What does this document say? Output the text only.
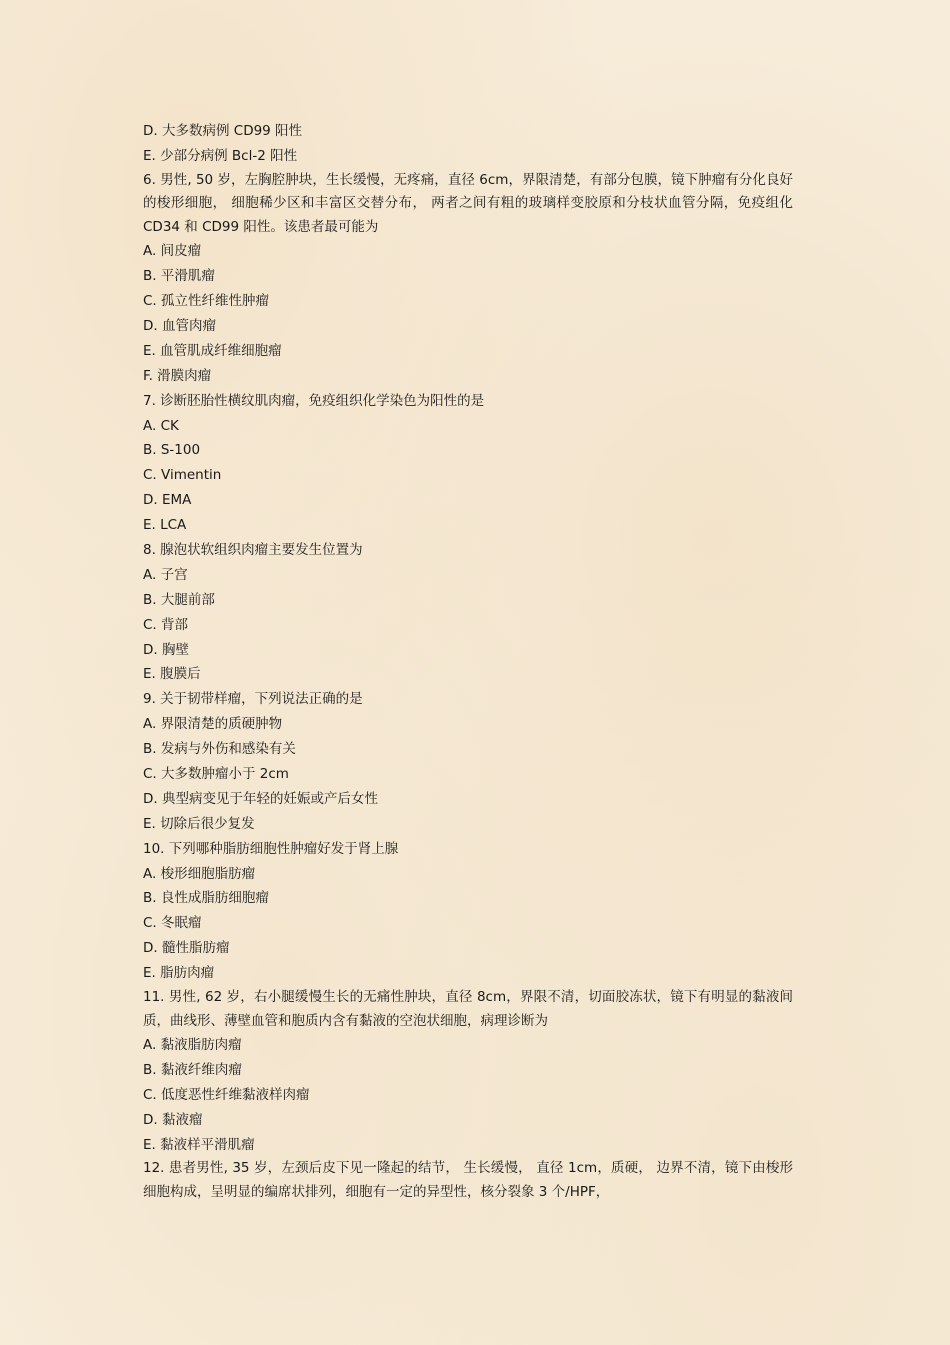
D. 大多数病例 CD99 阳性
E. 少部分病例 Bcl-2 阳性

6. 男性, 50 岁，左胸腔肿块，生长缓慢，无疼痛，直径 6cm，界限清楚，有部分包膜，镜下肿瘤有分化良好的梭形细胞， 细胞稀少区和丰富区交替分布， 两者之间有粗的玻璃样变胶原和分枝状血管分隔，免疫组化 CD34 和 CD99 阳性。该患者最可能为

A. 间皮瘤
B. 平滑肌瘤
C. 孤立性纤维性肿瘤
D. 血管肉瘤
E. 血管肌成纤维细胞瘤
F. 滑膜肉瘤
7. 诊断胚胎性横纹肌肉瘤，免疫组织化学染色为阳性的是
A. CK
B. S-100
C. Vimentin
D. EMA
E. LCA
8. 腺泡状软组织肉瘤主要发生位置为
A. 子宫
B. 大腿前部
C. 背部
D. 胸壁
E. 腹膜后
9. 关于韧带样瘤，下列说法正确的是
A. 界限清楚的质硬肿物
B. 发病与外伤和感染有关
C. 大多数肿瘤小于 2cm
D. 典型病变见于年轻的妊娠或产后女性
E. 切除后很少复发
10. 下列哪种脂肪细胞性肿瘤好发于肾上腺
A. 梭形细胞脂肪瘤
B. 良性成脂肪细胞瘤
C. 冬眠瘤
D. 髓性脂肪瘤
E. 脂肪肉瘤

11. 男性, 62 岁，右小腿缓慢生长的无痛性肿块，直径 8cm，界限不清，切面胶冻状，镜下有明显的黏液间质，曲线形、薄壁血管和胞质内含有黏液的空泡状细胞，病理诊断为

A. 黏液脂肪肉瘤
B. 黏液纤维肉瘤
C. 低度恶性纤维黏液样肉瘤
D. 黏液瘤
E. 黏液样平滑肌瘤

12. 患者男性, 35 岁，左颈后皮下见一隆起的结节， 生长缓慢， 直径 1cm，质硬， 边界不清，镜下由梭形细胞构成，呈明显的编席状排列，细胞有一定的异型性，核分裂象 3 个/HPF，
